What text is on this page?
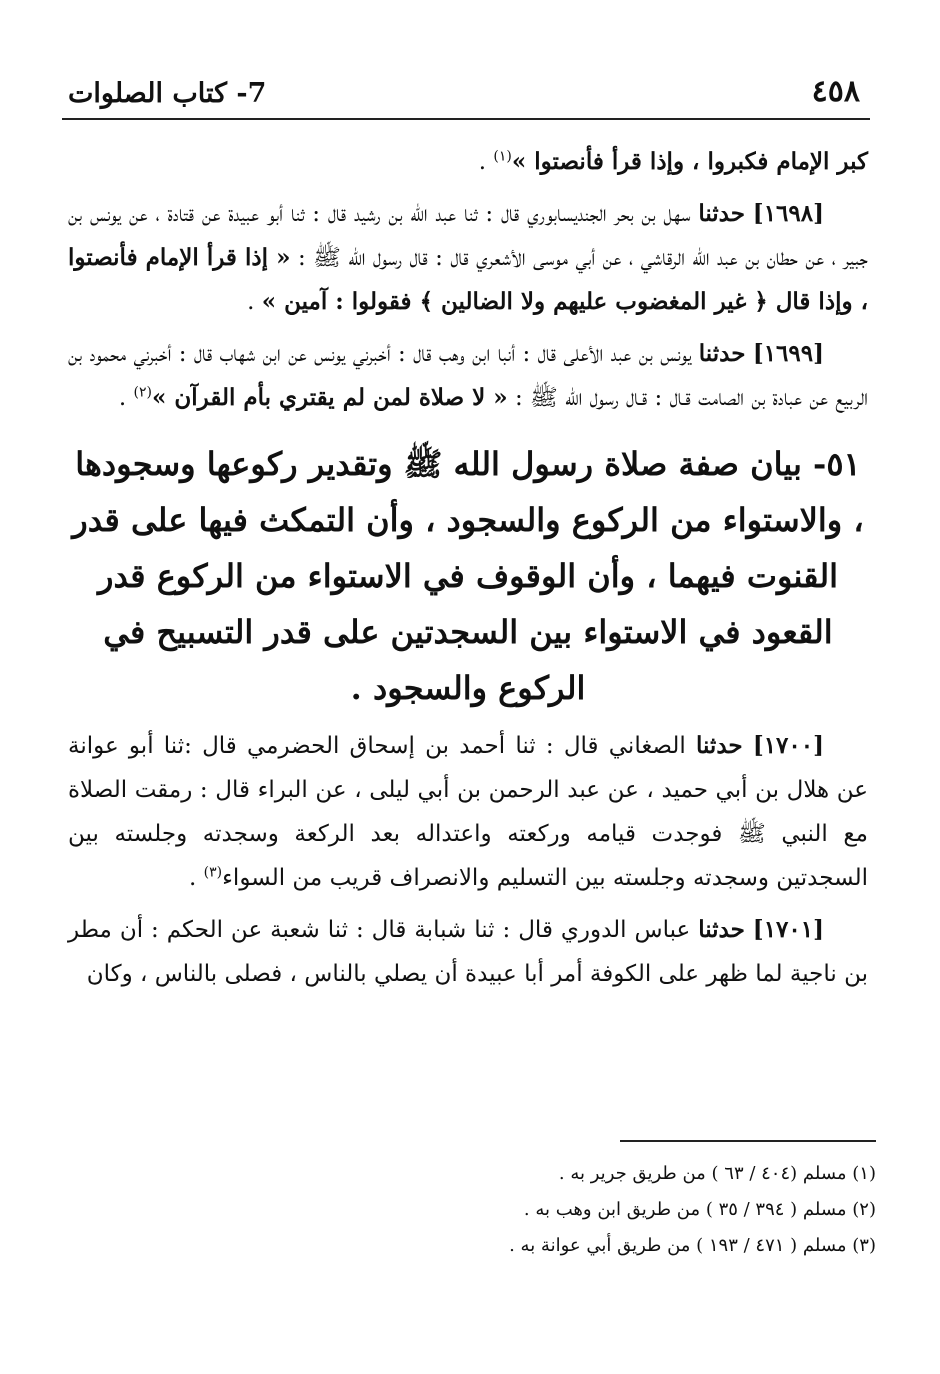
٤٥٨
7- كتاب الصلوات

كبر الإمام فكبروا ، وإذا قرأ فأنصتوا »$^{(١)}$ .

[١٦٩٨] حدثنا سهل بن بحر الجنديسابوري قال : ثنا عبد الله بن رشيد قال : ثنا أبو عبيدة عن قتادة ، عن يونس بن جبير ، عن حطان بن عبد الله الرقاشي ، عن أبي موسى الأشعري قال : قال رسول الله ﷺ : « إذا قرأ الإمام فأنصتوا ، وإذا قال ﴿ غير المغضوب عليهم ولا الضالين ﴾ فقولوا : آمين » .

[١٦٩٩] حدثنا يونس بن عبد الأعلى قال : أنبا ابن وهب قال : أخبرني يونس عن ابن شهاب قال : أخبرني محمود بن الربيع عن عبادة بن الصامت قـال : قـال رسول الله ﷺ : « لا صلاة لمن لم يقتري بأم القرآن »$^{(٢)}$ .

٥١- بيان صفة صلاة رسول الله ﷺ وتقدير ركوعها وسجودها ، والاستواء من الركوع والسجود ، وأن التمكث فيها على قدر القنوت فيهما ، وأن الوقوف في الاستواء من الركوع قدر القعود في الاستواء بين السجدتين على قدر التسبيح في الركوع والسجود .

[١٧٠٠] حدثنا الصغاني قال : ثنا أحمد بن إسحاق الحضرمي قال :ثنا أبو عوانة عن هلال بن أبي حميد ، عن عبد الرحمن بن أبي ليلى ، عن البراء قال : رمقت الصلاة مع النبي ﷺ فوجدت قيامه وركعته واعتداله بعد الركعة وسجدته وجلسته بين السجدتين وسجدته وجلسته بين التسليم والانصراف قريب من السواء$^{(٣)}$ .

[١٧٠١] حدثنا عباس الدوري قال : ثنا شبابة قال : ثنا شعبة عن الحكم : أن مطر بن ناجية لما ظهر على الكوفة أمر أبا عبيدة أن يصلي بالناس ، فصلى بالناس ، وكان

(١) مسلم (٤٠٤ / ٦٣ ) من طريق جرير به .

(٢) مسلم ( ٣٩٤ / ٣٥ ) من طريق ابن وهب به .

(٣) مسلم ( ٤٧١ / ١٩٣ ) من طريق أبي عوانة به .
